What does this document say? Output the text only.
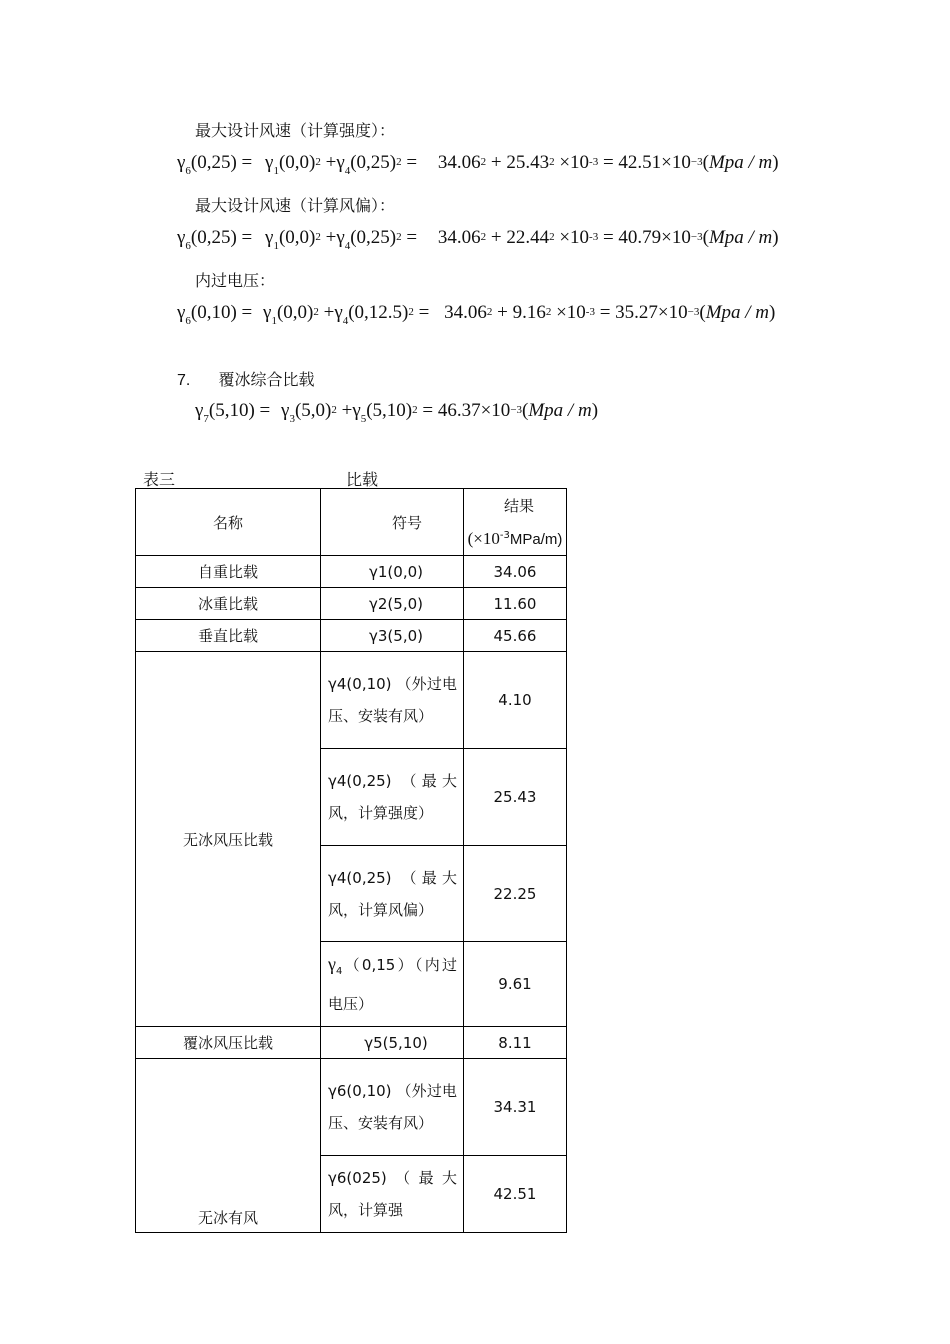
最大设计风速（计算强度）：
$\gamma_6(0,25) = \gamma_1(0,0)^2 +\gamma_4(0,25)^2 = 34.06^2 + 25.43^2 \times 10^{-3} = 42.51\times 10^{-3}(Mpa / m)$
最大设计风速（计算风偏）：
$\gamma_6(0,25) = \gamma_1(0,0)^2 +\gamma_4(0,25)^2 = 34.06^2 + 22.44^2 \times 10^{-3} = 40.79\times 10^{-3}(Mpa / m)$
内过电压：
$\gamma_6(0,10) = \gamma_1(0,0)^2 +\gamma_4(0,12.5)^2 = 34.06^2 + 9.16^2 \times 10^{-3} = 35.27\times 10^{-3}(Mpa / m)$
7. 覆冰综合比载
$\gamma_7(5,10) = \gamma_3(5,0)^2 +\gamma_5(5,10)^2 = 46.37\times 10^{-3}(Mpa / m)$
表三	比载
名称	符号	结果
$(\times 10^{-3}MPa/m)$

自重比载	γ1(0,0)	34.06
冰重比载	γ2(5,0)	11.60
垂直比载	γ3(5,0)	45.66
无冰风压比载	γ4(0,10) （外过电压、安装有风）	4.10
	γ4(0,25) （最大风，计算强度）	25.43
	γ4(0,25) （最大风，计算风偏）	22.25
	$\gamma_4(0,15)$（内过电压）	9.61
覆冰风压比载	γ5(5,10)	8.11
无冰有风	γ6(0,10) （外过电压、安装有风）	34.31
	γ6(025)（最大风，计算强	42.51
